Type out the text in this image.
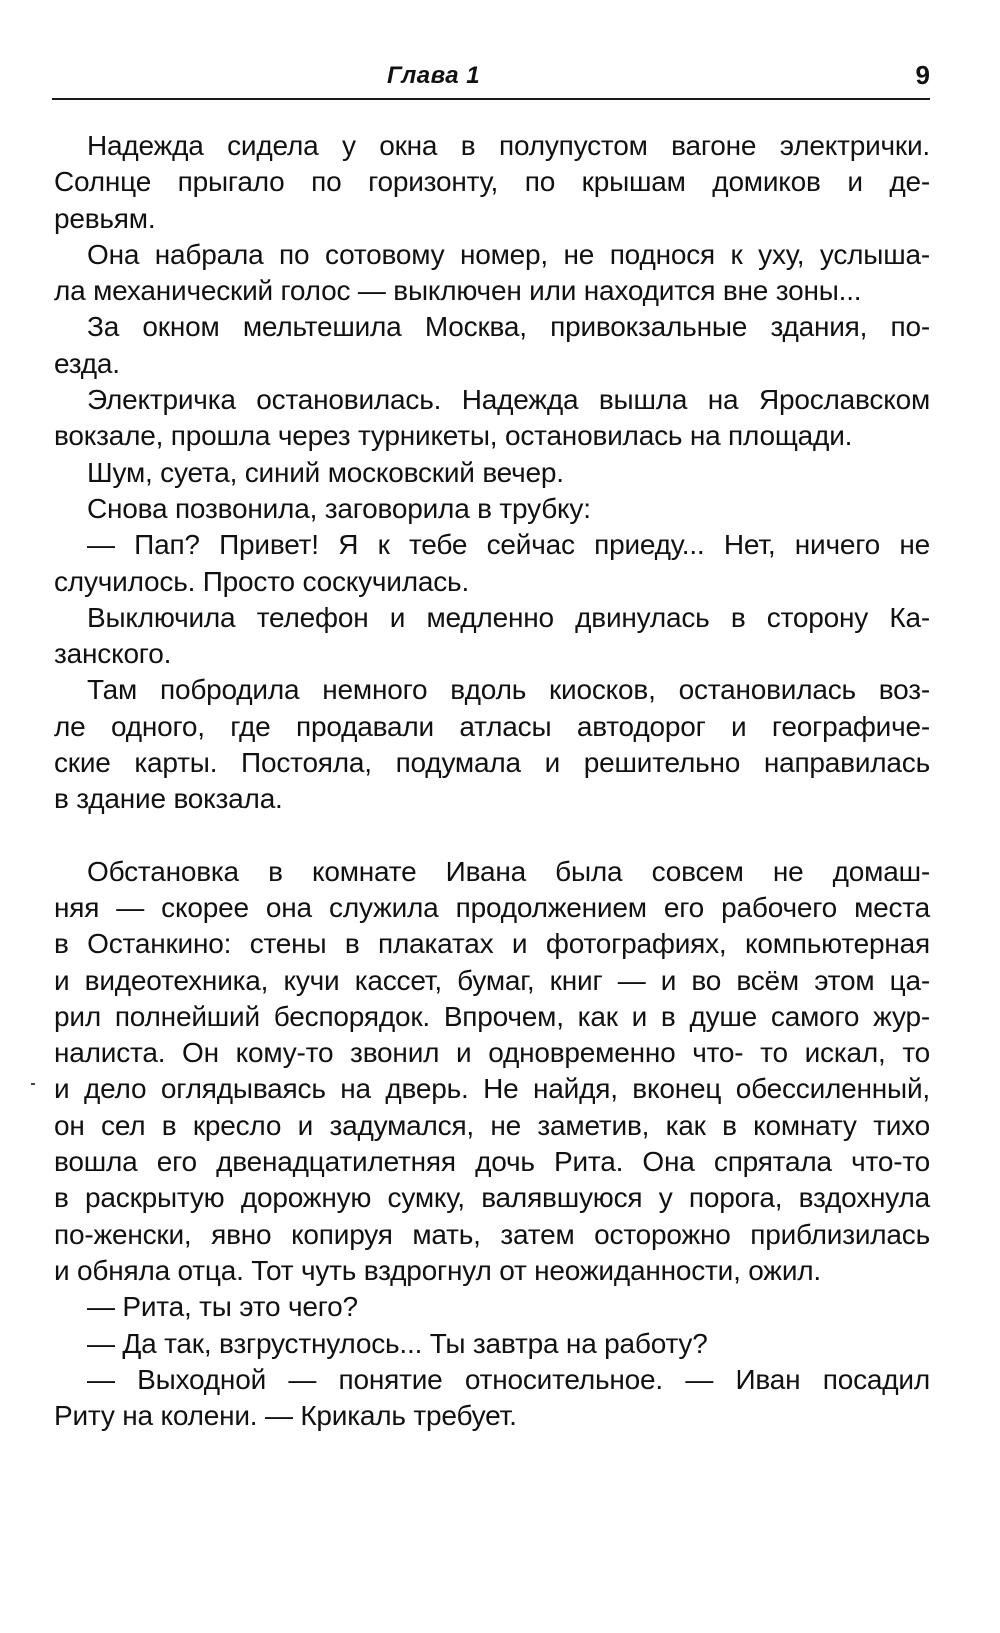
Глава 1	9
Надежда сидела у окна в полупустом вагоне электрички.
Солнце прыгало по горизонту, по крышам домиков и де-
ревьям.
Она набрала по сотовому номер, не поднося к уху, услыша-
ла механический голос — выключен или находится вне зоны...
За окном мельтешила Москва, привокзальные здания, по-
езда.
Электричка остановилась. Надежда вышла на Ярославском
вокзале, прошла через турникеты, остановилась на площади.
Шум, суета, синий московский вечер.
Снова позвонила, заговорила в трубку:
— Пап? Привет! Я к тебе сейчас приеду... Нет, ничего не
случилось. Просто соскучилась.
Выключила телефон и медленно двинулась в сторону Ка-
занского.
Там побродила немного вдоль киосков, остановилась воз-
ле одного, где продавали атласы автодорог и географиче-
ские карты. Постояла, подумала и решительно направилась
в здание вокзала.
Обстановка в комнате Ивана была совсем не домаш-
няя — скорее она служила продолжением его рабочего места
в Останкино: стены в плакатах и фотографиях, компьютерная
и видеотехника, кучи кассет, бумаг, книг — и во всём этом ца-
рил полнейший беспорядок. Впрочем, как и в душе самого жур-
налиста. Он кому-то звонил и одновременно что- то искал, то
и дело оглядываясь на дверь. Не найдя, вконец обессиленный,
он сел в кресло и задумался, не заметив, как в комнату тихо
вошла его двенадцатилетняя дочь Рита. Она спрятала что-то
в раскрытую дорожную сумку, валявшуюся у порога, вздохнула
по-женски, явно копируя мать, затем осторожно приблизилась
и обняла отца. Тот чуть вздрогнул от неожиданности, ожил.
— Рита, ты это чего?
— Да так, взгрустнулось... Ты завтра на работу?
— Выходной — понятие относительное. — Иван посадил
Риту на колени. — Крикаль требует.
